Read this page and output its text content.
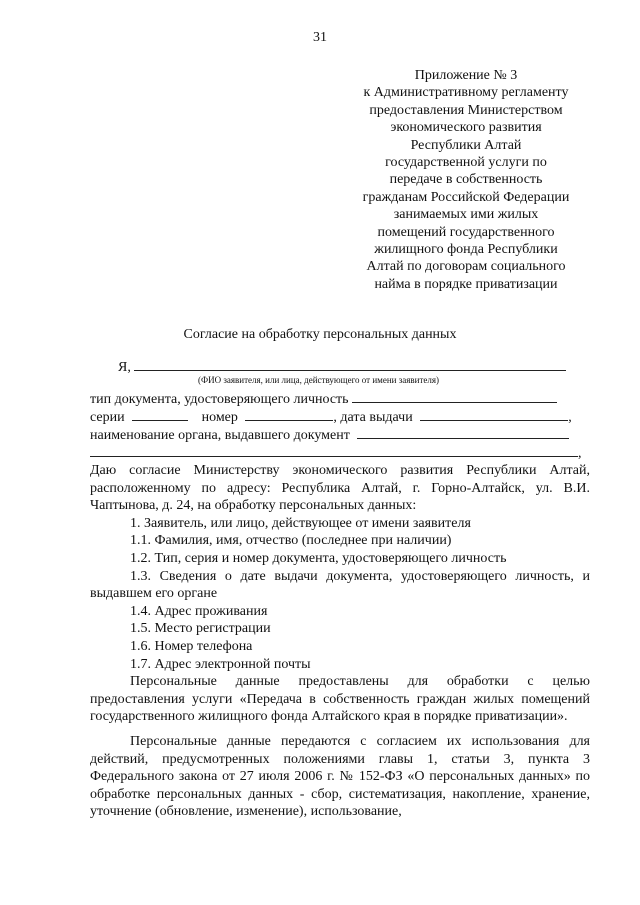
31
Приложение № 3
к Административному регламенту
предоставления Министерством
экономического развития
Республики Алтай
государственной услуги по
передаче в собственность
гражданам Российской Федерации
занимаемых ими жилых
помещений государственного
жилищного фонда Республики
Алтай по договорам социального
найма в порядке приватизации
Согласие на обработку персональных данных
Я,
(ФИО заявителя, или лица, действующего от имени заявителя)
тип документа, удостоверяющего личность
серии	номер	, дата выдачи	,
наименование органа, выдавшего документ
,
Даю согласие Министерству экономического развития Республики Алтай, расположенному по адресу: Республика Алтай, г. Горно-Алтайск, ул. В.И. Чаптынова, д. 24, на обработку персональных данных:
1. Заявитель, или лицо, действующее от имени заявителя
1.1. Фамилия, имя, отчество (последнее при наличии)
1.2. Тип, серия и номер документа, удостоверяющего личность
1.3. Сведения о дате выдачи документа, удостоверяющего личность, и выдавшем его органе
1.4. Адрес проживания
1.5. Место регистрации
1.6. Номер телефона
1.7. Адрес электронной почты
Персональные данные предоставлены для обработки с целью предоставления услуги «Передача в собственность граждан жилых помещений государственного жилищного фонда Алтайского края в порядке приватизации».
Персональные данные передаются с согласием их использования для действий, предусмотренных положениями главы 1, статьи 3, пункта 3 Федерального закона от 27 июля 2006 г. № 152-ФЗ «О персональных данных» по обработке персональных данных - сбор, систематизация, накопление, хранение, уточнение (обновление, изменение), использование,
